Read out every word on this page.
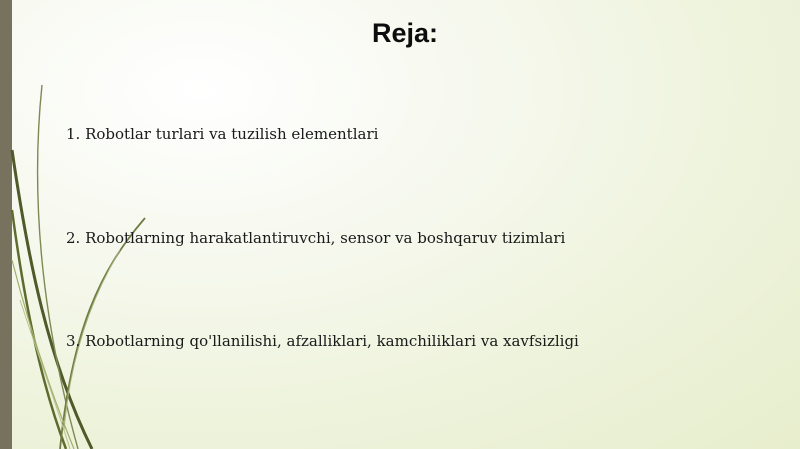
Reja:
1. Robotlar turlari va tuzilish elementlari
2. Robotlarning harakatlantiruvchi, sensor va boshqaruv tizimlari
3. Robotlarning qo'llanilishi, afzalliklari, kamchiliklari va xavfsizligi
